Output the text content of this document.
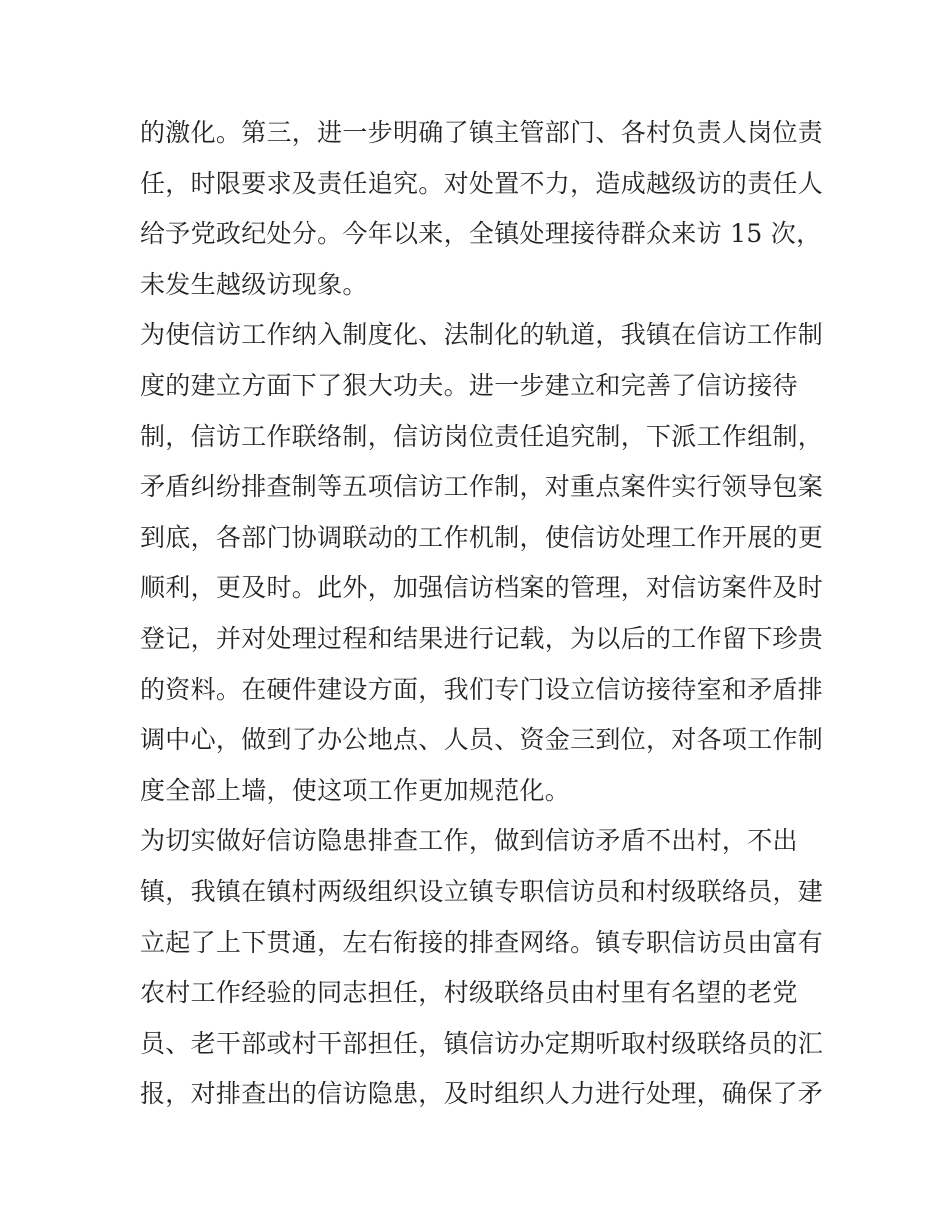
的激化。第三，进一步明确了镇主管部门、各村负责人岗位责
任，时限要求及责任追究。对处置不力，造成越级访的责任人
给予党政纪处分。今年以来，全镇处理接待群众来访 15 次，
未发生越级访现象。
为使信访工作纳入制度化、法制化的轨道，我镇在信访工作制
度的建立方面下了狠大功夫。进一步建立和完善了信访接待
制，信访工作联络制，信访岗位责任追究制，下派工作组制，
矛盾纠纷排查制等五项信访工作制，对重点案件实行领导包案
到底，各部门协调联动的工作机制，使信访处理工作开展的更
顺利，更及时。此外，加强信访档案的管理，对信访案件及时
登记，并对处理过程和结果进行记载，为以后的工作留下珍贵
的资料。在硬件建设方面，我们专门设立信访接待室和矛盾排
调中心，做到了办公地点、人员、资金三到位，对各项工作制
度全部上墙，使这项工作更加规范化。
为切实做好信访隐患排查工作，做到信访矛盾不出村，不出
镇，我镇在镇村两级组织设立镇专职信访员和村级联络员，建
立起了上下贯通，左右衔接的排查网络。镇专职信访员由富有
农村工作经验的同志担任，村级联络员由村里有名望的老党
员、老干部或村干部担任，镇信访办定期听取村级联络员的汇
报，对排查出的信访隐患，及时组织人力进行处理，确保了矛
